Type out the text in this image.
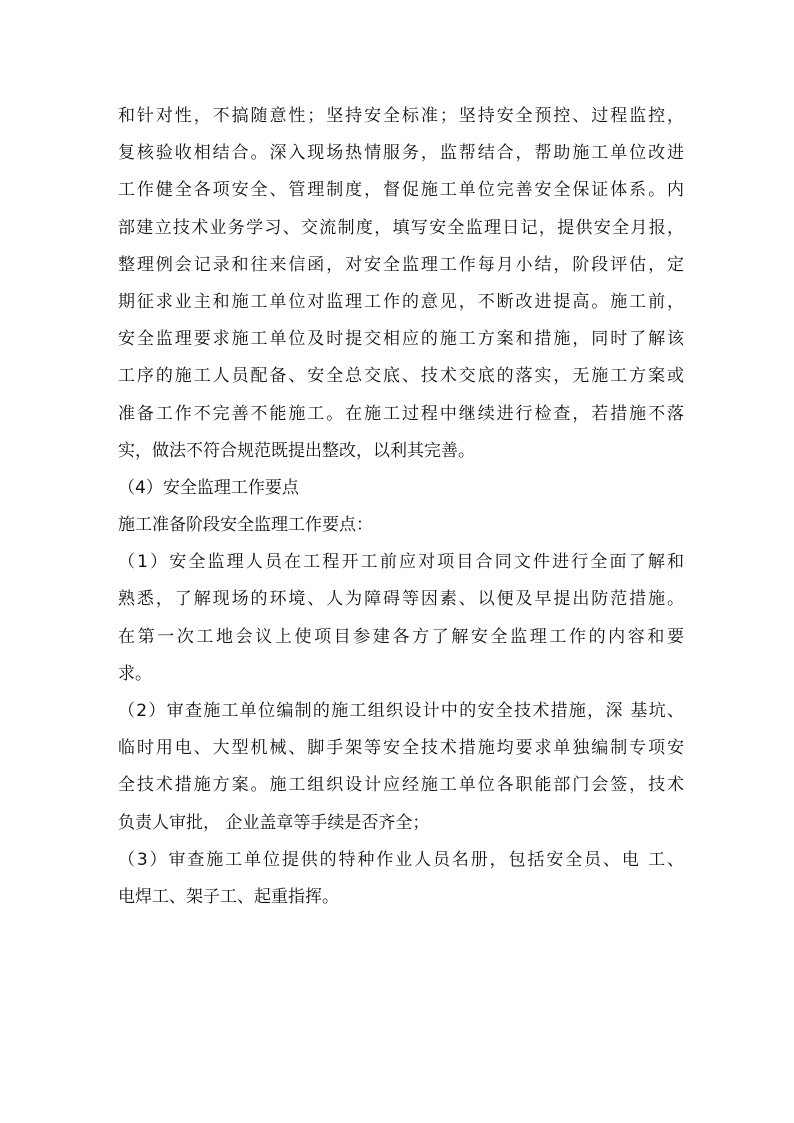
和针对性，不搞随意性；坚持安全标准；坚持安全预控、过程监控，
复核验收相结合。深入现场热情服务，监帮结合，帮助施工单位改进
工作健全各项安全、管理制度，督促施工单位完善安全保证体系。内
部建立技术业务学习、交流制度，填写安全监理日记，提供安全月报，
整理例会记录和往来信函，对安全监理工作每月小结，阶段评估，定
期征求业主和施工单位对监理工作的意见，不断改进提高。施工前，
安全监理要求施工单位及时提交相应的施工方案和措施，同时了解该
工序的施工人员配备、安全总交底、技术交底的落实，无施工方案或
准备工作不完善不能施工。在施工过程中继续进行检查，若措施不落
实，做法不符合规范既提出整改，以利其完善。
（4）安全监理工作要点
施工准备阶段安全监理工作要点：
（1）安全监理人员在工程开工前应对项目合同文件进行全面了解和
熟悉，了解现场的环境、人为障碍等因素、以便及早提出防范措施。
在第一次工地会议上使项目参建各方了解安全监理工作的内容和要
求。
（2）审查施工单位编制的施工组织设计中的安全技术措施，深 基坑、
临时用电、大型机械、脚手架等安全技术措施均要求单独编制专项安
全技术措施方案。施工组织设计应经施工单位各职能部门会签，技术
负责人审批， 企业盖章等手续是否齐全；
（3）审查施工单位提供的特种作业人员名册，包括安全员、电 工、
电焊工、架子工、起重指挥。
